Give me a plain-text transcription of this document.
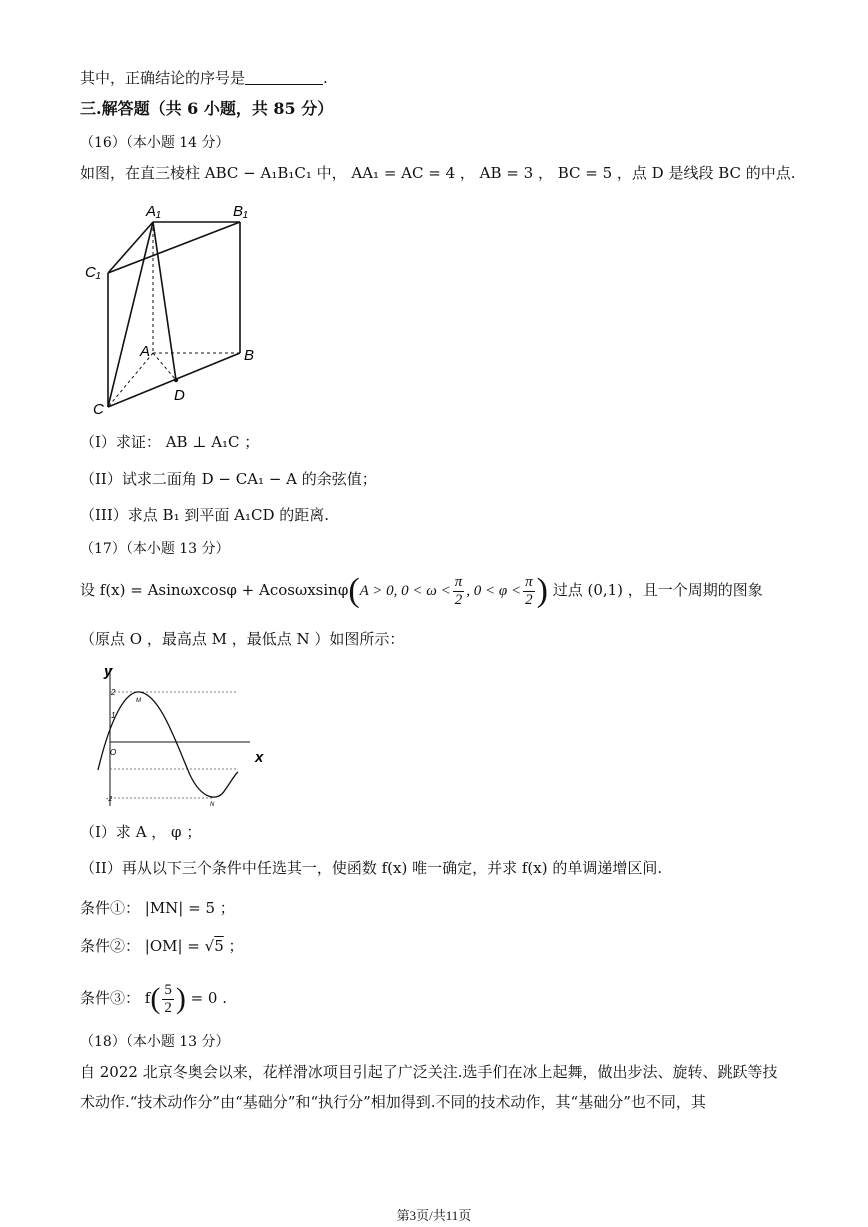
其中，正确结论的序号是	.
三.解答题（共 6 小题，共 85 分）
（16）（本小题 14 分）
如图，在直三棱柱 ABC − A₁B₁C₁ 中， AA₁ = AC = 4 ， AB = 3 ， BC = 5 ，点 D 是线段 BC 的中点.
A₁	B₁
C₁
A	B
C
D
（I）求证： AB ⊥ A₁C ；
（II）试求二面角 D − CA₁ − A 的余弦值；
（III）求点 B₁ 到平面 A₁CD 的距离.
（17）（本小题 13 分）
设 f(x) = Asinωxcosφ + Acosωxsinφ(A > 0, $0 < \omega < \frac{\pi}{2}$ , $0 < \varphi < \frac{\pi}{2}$ ) 过点 (0,1) ，且一个周期的图象
（原点 O ，最高点 M ，最低点 N ）如图所示：
y
x
O
M
N
2
1
-2
（I）求 A ， φ ；
（II）再从以下三个条件中任选其一，使函数 f(x) 唯一确定，并求 f(x) 的单调递增区间.
条件①： |MN| = 5 ；
条件②： |OM| = √5 ；
条件③： $f( \frac{5}{2}$ ) = 0 .
（18）（本小题 13 分）
自 2022 北京冬奥会以来，花样滑冰项目引起了广泛关注.选手们在冰上起舞，做出步法、旋转、跳跃等技
术动作.“技术动作分”由“基础分”和“执行分”相加得到.不同的技术动作，其“基础分”也不同，其
第3页/共11页
